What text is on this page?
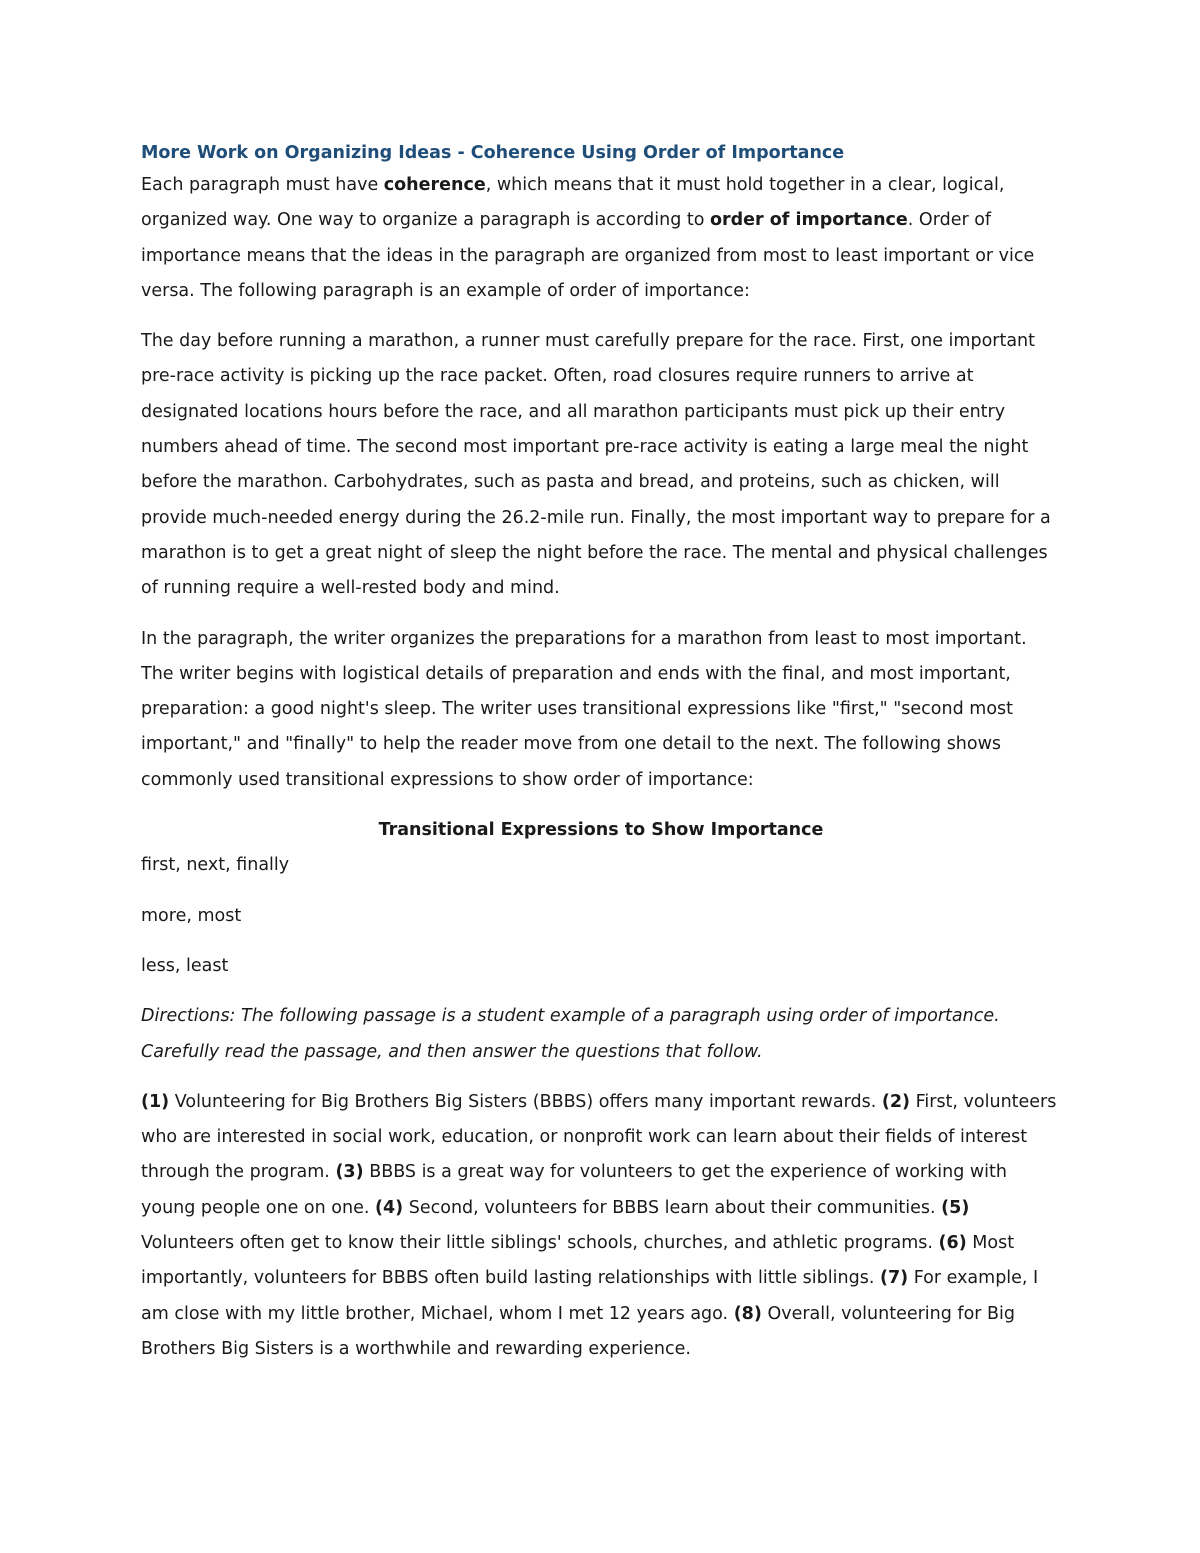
More Work on Organizing Ideas - Coherence Using Order of Importance

Each paragraph must have coherence, which means that it must hold together in a clear, logical, organized way. One way to organize a paragraph is according to order of importance. Order of importance means that the ideas in the paragraph are organized from most to least important or vice versa. The following paragraph is an example of order of importance:

The day before running a marathon, a runner must carefully prepare for the race. First, one important pre-race activity is picking up the race packet. Often, road closures require runners to arrive at designated locations hours before the race, and all marathon participants must pick up their entry numbers ahead of time. The second most important pre-race activity is eating a large meal the night before the marathon. Carbohydrates, such as pasta and bread, and proteins, such as chicken, will provide much-needed energy during the 26.2-mile run. Finally, the most important way to prepare for a marathon is to get a great night of sleep the night before the race. The mental and physical challenges of running require a well-rested body and mind.

In the paragraph, the writer organizes the preparations for a marathon from least to most important. The writer begins with logistical details of preparation and ends with the final, and most important, preparation: a good night's sleep. The writer uses transitional expressions like "first," "second most important," and "finally" to help the reader move from one detail to the next. The following shows commonly used transitional expressions to show order of importance:

Transitional Expressions to Show Importance

first, next, finally

more, most

less, least

Directions: The following passage is a student example of a paragraph using order of importance. Carefully read the passage, and then answer the questions that follow.

(1) Volunteering for Big Brothers Big Sisters (BBBS) offers many important rewards. (2) First, volunteers who are interested in social work, education, or nonprofit work can learn about their fields of interest through the program. (3) BBBS is a great way for volunteers to get the experience of working with young people one on one. (4) Second, volunteers for BBBS learn about their communities. (5) Volunteers often get to know their little siblings' schools, churches, and athletic programs. (6) Most importantly, volunteers for BBBS often build lasting relationships with little siblings. (7) For example, I am close with my little brother, Michael, whom I met 12 years ago. (8) Overall, volunteering for Big Brothers Big Sisters is a worthwhile and rewarding experience.
